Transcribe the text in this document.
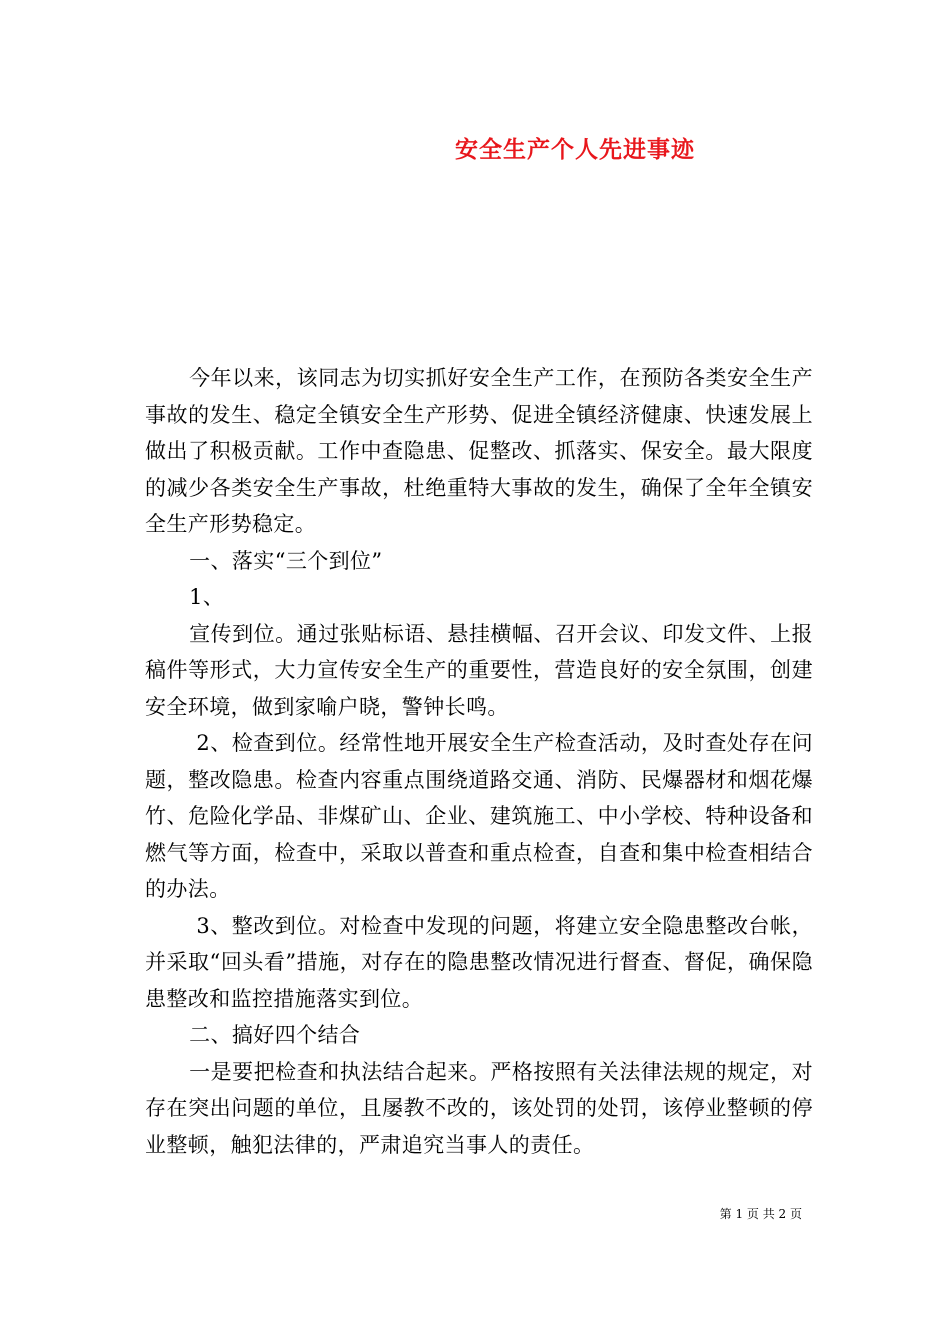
安全生产个人先进事迹

今年以来，该同志为切实抓好安全生产工作，在预防各类安全生产事故的发生、稳定全镇安全生产形势、促进全镇经济健康、快速发展上做出了积极贡献。工作中查隐患、促整改、抓落实、保安全。最大限度的减少各类安全生产事故，杜绝重特大事故的发生，确保了全年全镇安全生产形势稳定。

一、落实“三个到位”

1、

宣传到位。通过张贴标语、悬挂横幅、召开会议、印发文件、上报稿件等形式，大力宣传安全生产的重要性，营造良好的安全氛围，创建安全环境，做到家喻户晓，警钟长鸣。

2、检查到位。经常性地开展安全生产检查活动，及时查处存在问题，整改隐患。检查内容重点围绕道路交通、消防、民爆器材和烟花爆竹、危险化学品、非煤矿山、企业、建筑施工、中小学校、特种设备和燃气等方面，检查中，采取以普查和重点检查，自查和集中检查相结合的办法。

3、整改到位。对检查中发现的问题，将建立安全隐患整改台帐，并采取“回头看”措施，对存在的隐患整改情况进行督查、督促，确保隐患整改和监控措施落实到位。

二、搞好四个结合

一是要把检查和执法结合起来。严格按照有关法律法规的规定，对存在突出问题的单位，且屡教不改的，该处罚的处罚，该停业整顿的停业整顿，触犯法律的，严肃追究当事人的责任。

第 1 页 共 2 页
